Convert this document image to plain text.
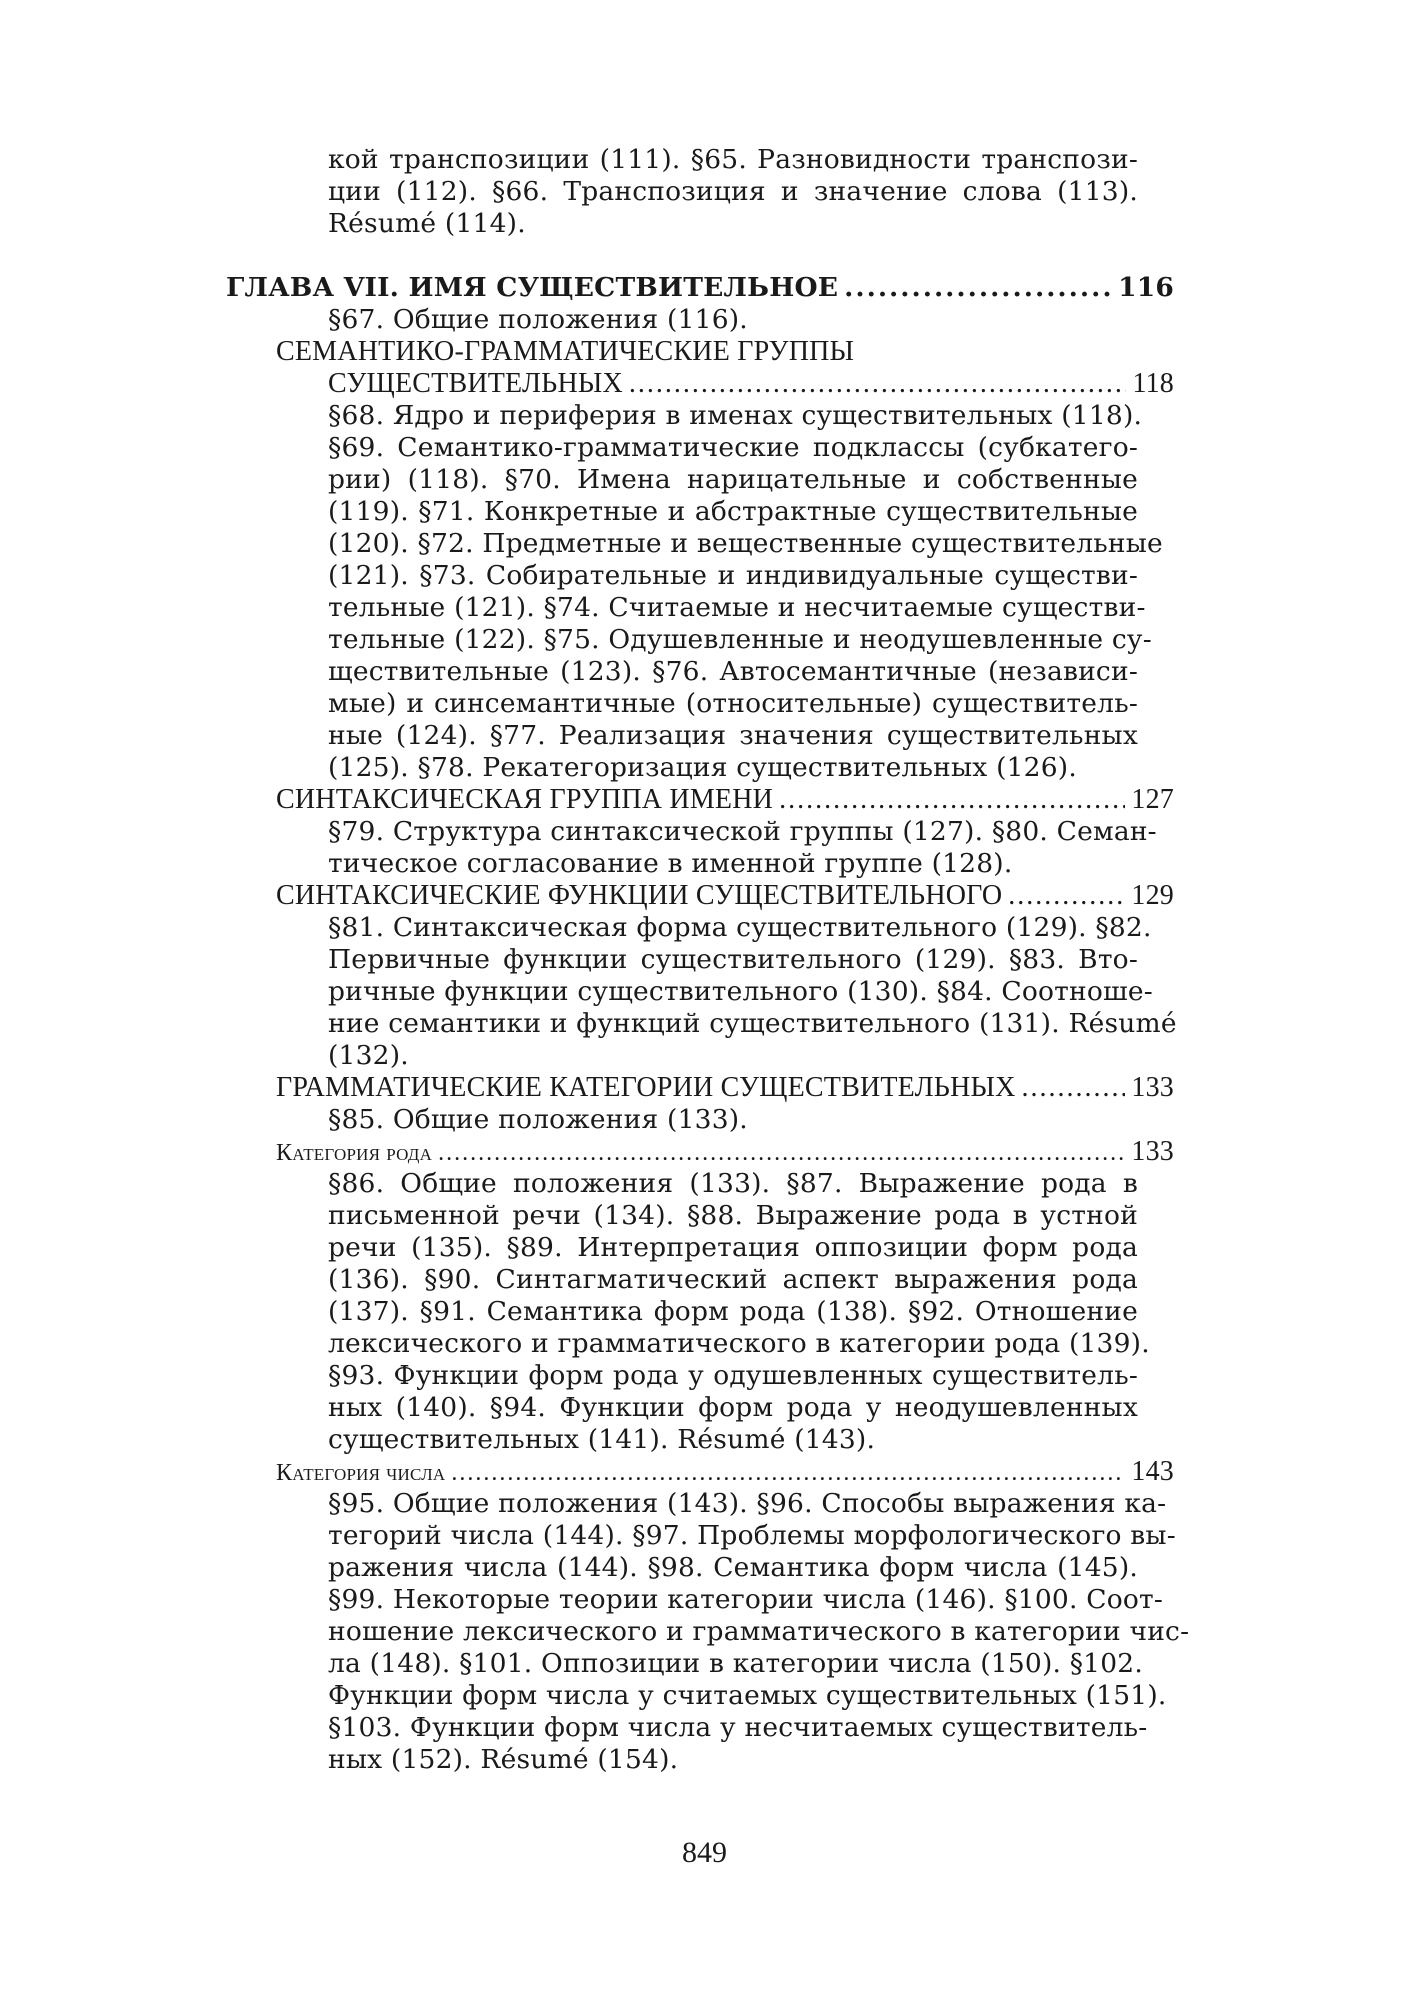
кой транспозиции (111). §65. Разновидности транспози-
ции (112). §66. Транспозиция и значение слова (113).
Résumé (114).
ГЛАВА VII. ИМЯ СУЩЕСТВИТЕЛЬНОЕ .....	116
§67. Общие положения (116).
СЕМАНТИКО-ГРАММАТИЧЕСКИЕ ГРУППЫ
СУЩЕСТВИТЕЛЬНЫХ .....	118
§68. Ядро и периферия в именах существительных (118).
§69. Семантико-грамматические подклассы (субкатего-
рии) (118). §70. Имена нарицательные и собственные
(119). §71. Конкретные и абстрактные существительные
(120). §72. Предметные и вещественные существительные
(121). §73. Собирательные и индивидуальные существи-
тельные (121). §74. Считаемые и несчитаемые существи-
тельные (122). §75. Одушевленные и неодушевленные су-
ществительные (123). §76. Автосемантичные (независи-
мые) и синсемантичные (относительные) существитель-
ные (124). §77. Реализация значения существительных
(125). §78. Рекатегоризация существительных (126).
СИНТАКСИЧЕСКАЯ ГРУППА ИМЕНИ .....	127
§79. Структура синтаксической группы (127). §80. Семан-
тическое согласование в именной группе (128).
СИНТАКСИЧЕСКИЕ ФУНКЦИИ СУЩЕСТВИТЕЛЬНОГО .....	129
§81. Синтаксическая форма существительного (129). §82.
Первичные функции существительного (129). §83. Вто-
ричные функции существительного (130). §84. Соотноше-
ние семантики и функций существительного (131). Résumé
(132).
ГРАММАТИЧЕСКИЕ КАТЕГОРИИ СУЩЕСТВИТЕЛЬНЫХ .....	133
§85. Общие положения (133).
Категория рода .....	133
§86. Общие положения (133). §87. Выражение рода в
письменной речи (134). §88. Выражение рода в устной
речи (135). §89. Интерпретация оппозиции форм рода
(136). §90. Синтагматический аспект выражения рода
(137). §91. Семантика форм рода (138). §92. Отношение
лексического и грамматического в категории рода (139).
§93. Функции форм рода у одушевленных существитель-
ных (140). §94. Функции форм рода у неодушевленных
существительных (141). Résumé (143).
Категория числа .....	143
§95. Общие положения (143). §96. Способы выражения ка-
тегорий числа (144). §97. Проблемы морфологического вы-
ражения числа (144). §98. Семантика форм числа (145).
§99. Некоторые теории категории числа (146). §100. Соот-
ношение лексического и грамматического в категории чис-
ла (148). §101. Оппозиции в категории числа (150). §102.
Функции форм числа у считаемых существительных (151).
§103. Функции форм числа у несчитаемых существитель-
ных (152). Résumé (154).
849
